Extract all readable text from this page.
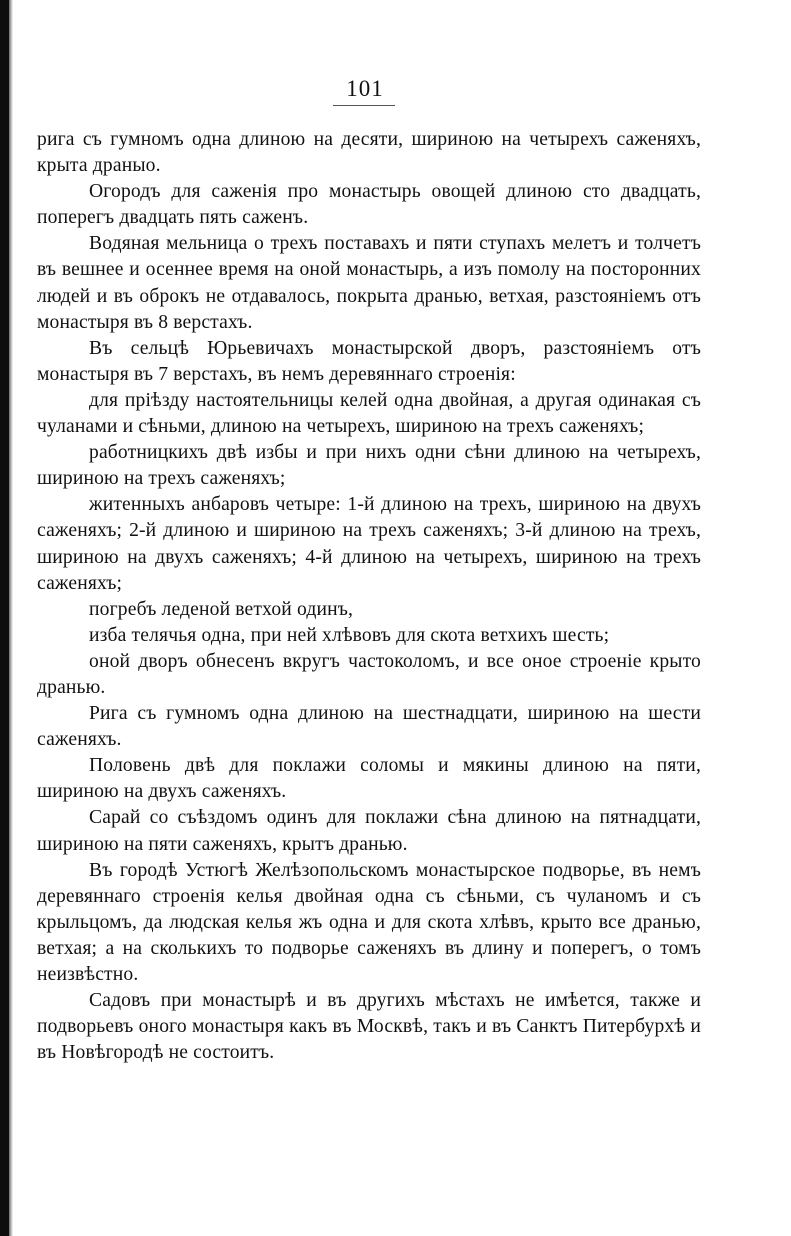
101

рига съ гумномъ одна длиною на десяти, шириною на четырехъ саженяхъ, крыта драныо.

Огородъ для саженія про монастырь овощей длиною сто двадцать, поперегъ двадцать пять саженъ.

Водяная мельница о трехъ поставахъ и пяти ступахъ мелетъ и толчетъ въ вешнее и осеннее время на оной монастырь, а изъ помолу на посторонних людей и въ оброкъ не отдавалось, покрыта дранью, ветхая, разстояніемъ отъ монастыря въ 8 верстахъ.

Въ сельцѣ Юрьевичахъ монастырской дворъ, разстояніемъ отъ монастыря въ 7 верстахъ, въ немъ деревяннаго строенія:

для пріѣзду настоятельницы келей одна двойная, а другая одинакая съ чуланами и сѣньми, длиною на четырехъ, шириною на трехъ саженяхъ;

работницкихъ двѣ избы и при нихъ одни сѣни длиною на четырехъ, шириною на трехъ саженяхъ;

житенныхъ анбаровъ четыре: 1-й длиною на трехъ, шириною на двухъ саженяхъ; 2-й длиною и шириною на трехъ саженяхъ; 3-й длиною на трехъ, шириною на двухъ саженяхъ; 4-й длиною на четырехъ, шириною на трехъ саженяхъ;

погребъ леденой ветхой одинъ,

изба телячья одна, при ней хлѣвовъ для скота ветхихъ шесть;

оной дворъ обнесенъ вкругъ частоколомъ, и все оное строеніе крыто дранью.

Рига съ гумномъ одна длиною на шестнадцати, шириною на шести саженяхъ.

Половень двѣ для поклажи соломы и мякины длиною на пяти, шириною на двухъ саженяхъ.

Сарай со съѣздомъ одинъ для поклажи сѣна длиною на пятнадцати, шириною на пяти саженяхъ, крытъ дранью.

Въ городѣ Устюгѣ Желѣзопольскомъ монастырское подворье, въ немъ деревяннаго строенія келья двойная одна съ сѣньми, съ чуланомъ и съ крыльцомъ, да людская келья жъ одна и для скота хлѣвъ, крыто все дранью, ветхая; а на сколькихъ то подворье саженяхъ въ длину и поперегъ, о томъ неизвѣстно.

Садовъ при монастырѣ и въ другихъ мѣстахъ не имѣется, также и подворьевъ оного монастыря какъ въ Москвѣ, такъ и въ Санктъ Питербурхѣ и въ Новѣгородѣ не состоитъ.
